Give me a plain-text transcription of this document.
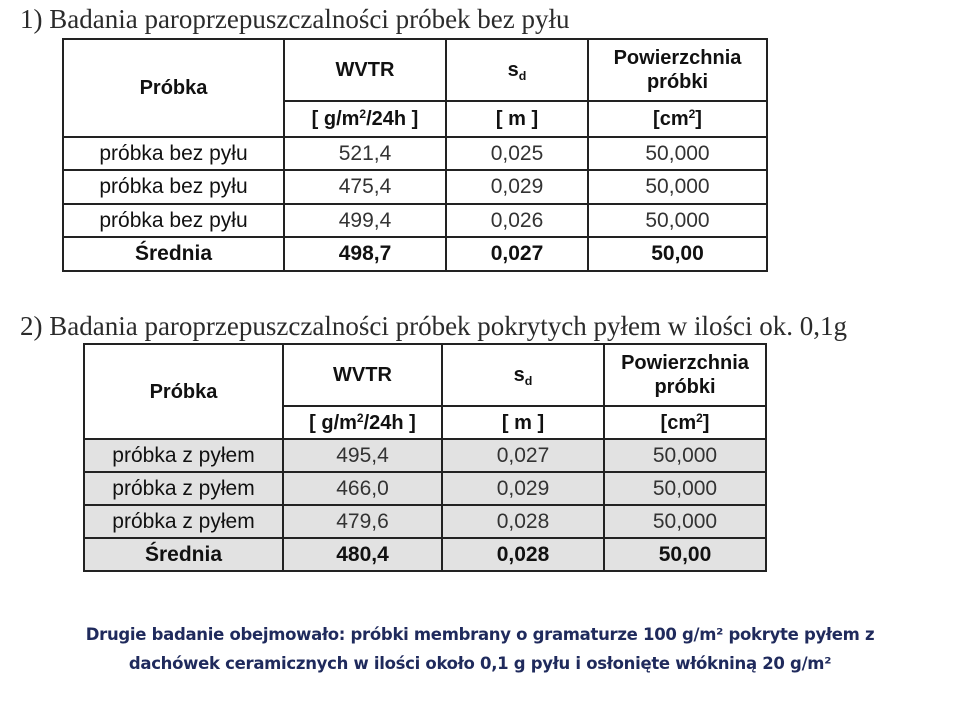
1) Badania paroprzepuszczalności próbek bez pyłu
Próbka	WVTR	$s_d$	Powierzchnia
próbki
	[ $g/m^2/24h$ ]	[ m ]	$[cm^2]$
próbka bez pyłu	521,4	0,025	50,000
próbka bez pyłu	475,4	0,029	50,000
próbka bez pyłu	499,4	0,026	50,000
Średnia	498,7	0,027	50,00
2) Badania paroprzepuszczalności próbek pokrytych pyłem w ilości ok. 0,1g
Próbka	WVTR	$s_d$	Powierzchnia
próbki
	[ $g/m^2/24h$ ]	[ m ]	$[cm^2]$
próbka z pyłem	495,4	0,027	50,000
próbka z pyłem	466,0	0,029	50,000
próbka z pyłem	479,6	0,028	50,000
Średnia	480,4	0,028	50,00
Drugie badanie obejmowało: próbki membrany o gramaturze 100 g/m² pokryte pyłem z
dachówek ceramicznych w ilości około 0,1 g pyłu i osłonięte włókniną 20 g/m²
